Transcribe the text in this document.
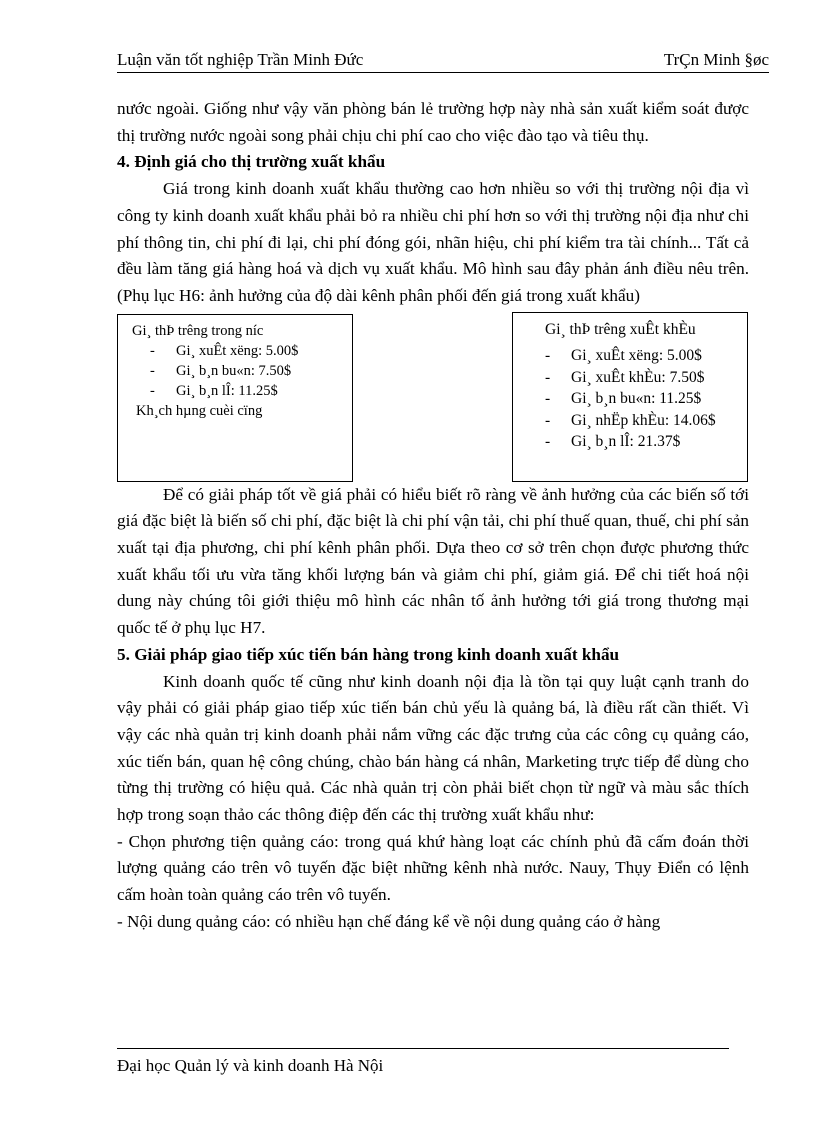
Luận văn tốt nghiệp Trần Minh Đức	TrÇn Minh §øc

nước ngoài. Giống như vậy văn phòng bán lẻ trường hợp này nhà sản xuất kiểm soát được thị trường nước ngoài song phải chịu chi phí cao cho việc đào tạo và tiêu thụ.

4. Định giá cho thị trường xuất khẩu

Giá trong kinh doanh xuất khẩu thường cao hơn nhiều so với thị trường nội địa vì công ty kinh doanh xuất khẩu phải bỏ ra nhiều chi phí hơn so với thị trường nội địa như chi phí thông tin, chi phí đi lại, chi phí đóng gói, nhãn hiệu, chi phí kiểm tra tài chính... Tất cả đều làm tăng giá hàng hoá và dịch vụ xuất khẩu. Mô hình sau đây phản ánh điều nêu trên. (Phụ lục H6: ảnh hưởng của độ dài kênh phân phối đến giá trong xuất khẩu)

Gi¸ thÞ trêng trong níc
- Gi¸ xuÊt xëng: 5.00$
- Gi¸ b¸n bu«n: 7.50$
- Gi¸ b¸n lÎ: 11.25$
Kh¸ch hµng cuèi cïng
Gi¸ thÞ trêng xuÊt khÈu
- Gi¸ xuÊt xëng: 5.00$
- Gi¸ xuÊt khÈu: 7.50$
- Gi¸ b¸n bu«n: 11.25$
- Gi¸ nhËp khÈu: 14.06$
- Gi¸ b¸n lÎ: 21.37$

Để có giải pháp tốt về giá phải có hiểu biết rõ ràng về ảnh hưởng của các biến số tới giá đặc biệt là biến số chi phí, đặc biệt là chi phí vận tải, chi phí thuế quan, thuế, chi phí sản xuất tại địa phương, chi phí kênh phân phối. Dựa theo cơ sở trên chọn được phương thức xuất khẩu tối ưu vừa tăng khối lượng bán và giảm chi phí, giảm giá. Để chi tiết hoá nội dung này chúng tôi giới thiệu mô hình các nhân tố ảnh hưởng tới giá trong thương mại quốc tế ở phụ lục H7.

5. Giải pháp giao tiếp xúc tiến bán hàng trong kinh doanh xuất khẩu

Kinh doanh quốc tế cũng như kinh doanh nội địa là tồn tại quy luật cạnh tranh do vậy phải có giải pháp giao tiếp xúc tiến bán chủ yếu là quảng bá, là điều rất cần thiết. Vì vậy các nhà quản trị kinh doanh phải nắm vững các đặc trưng của các công cụ quảng cáo, xúc tiến bán, quan hệ công chúng, chào bán hàng cá nhân, Marketing trực tiếp để dùng cho từng thị trường có hiệu quả. Các nhà quản trị còn phải biết chọn từ ngữ và màu sắc thích hợp trong soạn thảo các thông điệp đến các thị trường xuất khẩu như:

- Chọn phương tiện quảng cáo: trong quá khứ hàng loạt các chính phủ đã cấm đoán thời lượng quảng cáo trên vô tuyến đặc biệt những kênh nhà nước. Nauy, Thụy Điển có lệnh cấm hoàn toàn quảng cáo trên vô tuyến.

- Nội dung quảng cáo: có nhiều hạn chế đáng kể về nội dung quảng cáo ở hàng

Đại học Quản lý và kinh doanh Hà Nội
